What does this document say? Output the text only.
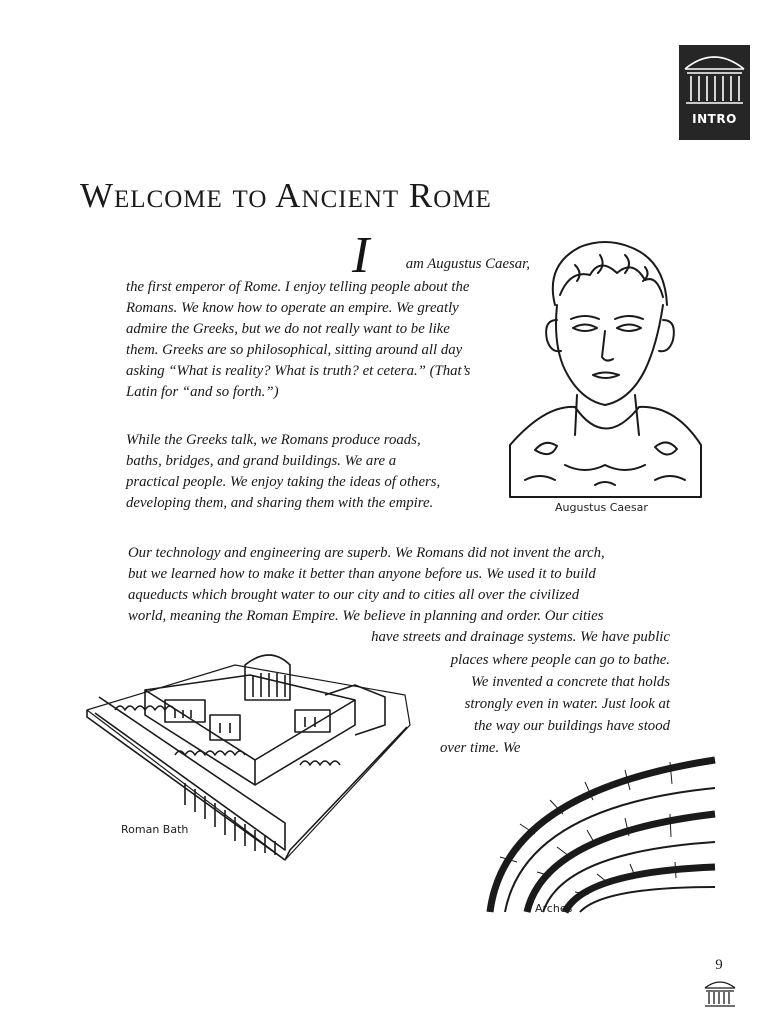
INTRO
Welcome to Ancient Rome
I	am Augustus Caesar,
the first emperor of Rome. I enjoy telling people about the
Romans. We know how to operate an empire. We greatly
admire the Greeks, but we do not really want to be like
them. Greeks are so philosophical, sitting around all day
asking “What is reality? What is truth? et cetera.” (That’s
Latin for “and so forth.”)
While the Greeks talk, we Romans produce roads,
baths, bridges, and grand buildings. We are a
practical people. We enjoy taking the ideas of others,
developing them, and sharing them with the empire.
Our technology and engineering are superb. We Romans did not invent the arch,
but we learned how to make it better than anyone before us. We used it to build
aqueducts which brought water to our city and to cities all over the civilized
world, meaning the Roman Empire. We believe in planning and order. Our cities
have streets and drainage systems. We have public
places where people can go to bathe.
We invented a concrete that holds
strongly even in water. Just look at
the way our buildings have stood
over time. We
Augustus Caesar
Roman Bath
Arches
9
